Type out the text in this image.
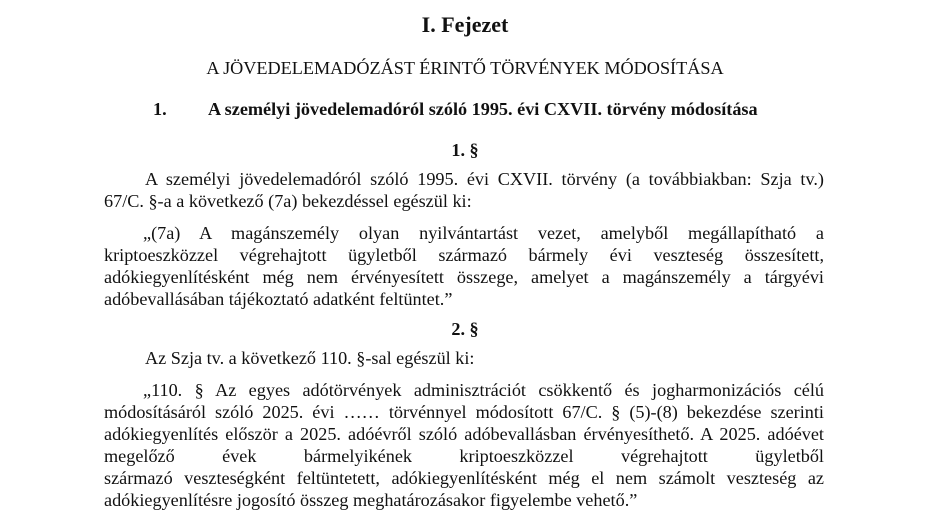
I. Fejezet
A JÖVEDELEMADÓZÁST ÉRINTŐ TÖRVÉNYEK MÓDOSÍTÁSA
1. A személyi jövedelemadóról szóló 1995. évi CXVII. törvény módosítása
1. §
A személyi jövedelemadóról szóló 1995. évi CXVII. törvény (a továbbiakban: Szja tv.)
67/C. §-a a következő (7a) bekezdéssel egészül ki:
„(7a) A magánszemély olyan nyilvántartást vezet, amelyből megállapítható a
kriptoeszközzel végrehajtott ügyletből származó bármely évi veszteség összesített,
adókiegyenlítésként még nem érvényesített összege, amelyet a magánszemély a tárgyévi
adóbevallásában tájékoztató adatként feltüntet.”
2. §
Az Szja tv. a következő 110. §-sal egészül ki:
„110. § Az egyes adótörvények adminisztrációt csökkentő és jogharmonizációs célú
módosításáról szóló 2025. évi …… törvénnyel módosított 67/C. § (5)-(8) bekezdése szerinti
adókiegyenlítés először a 2025. adóévről szóló adóbevallásban érvényesíthető. A 2025. adóévet
megelőző évek bármelyikének kriptoeszközzel végrehajtott ügyletből
származó veszteségként feltüntetett, adókiegyenlítésként még el nem számolt veszteség az
adókiegyenlítésre jogosító összeg meghatározásakor figyelembe vehető.”
